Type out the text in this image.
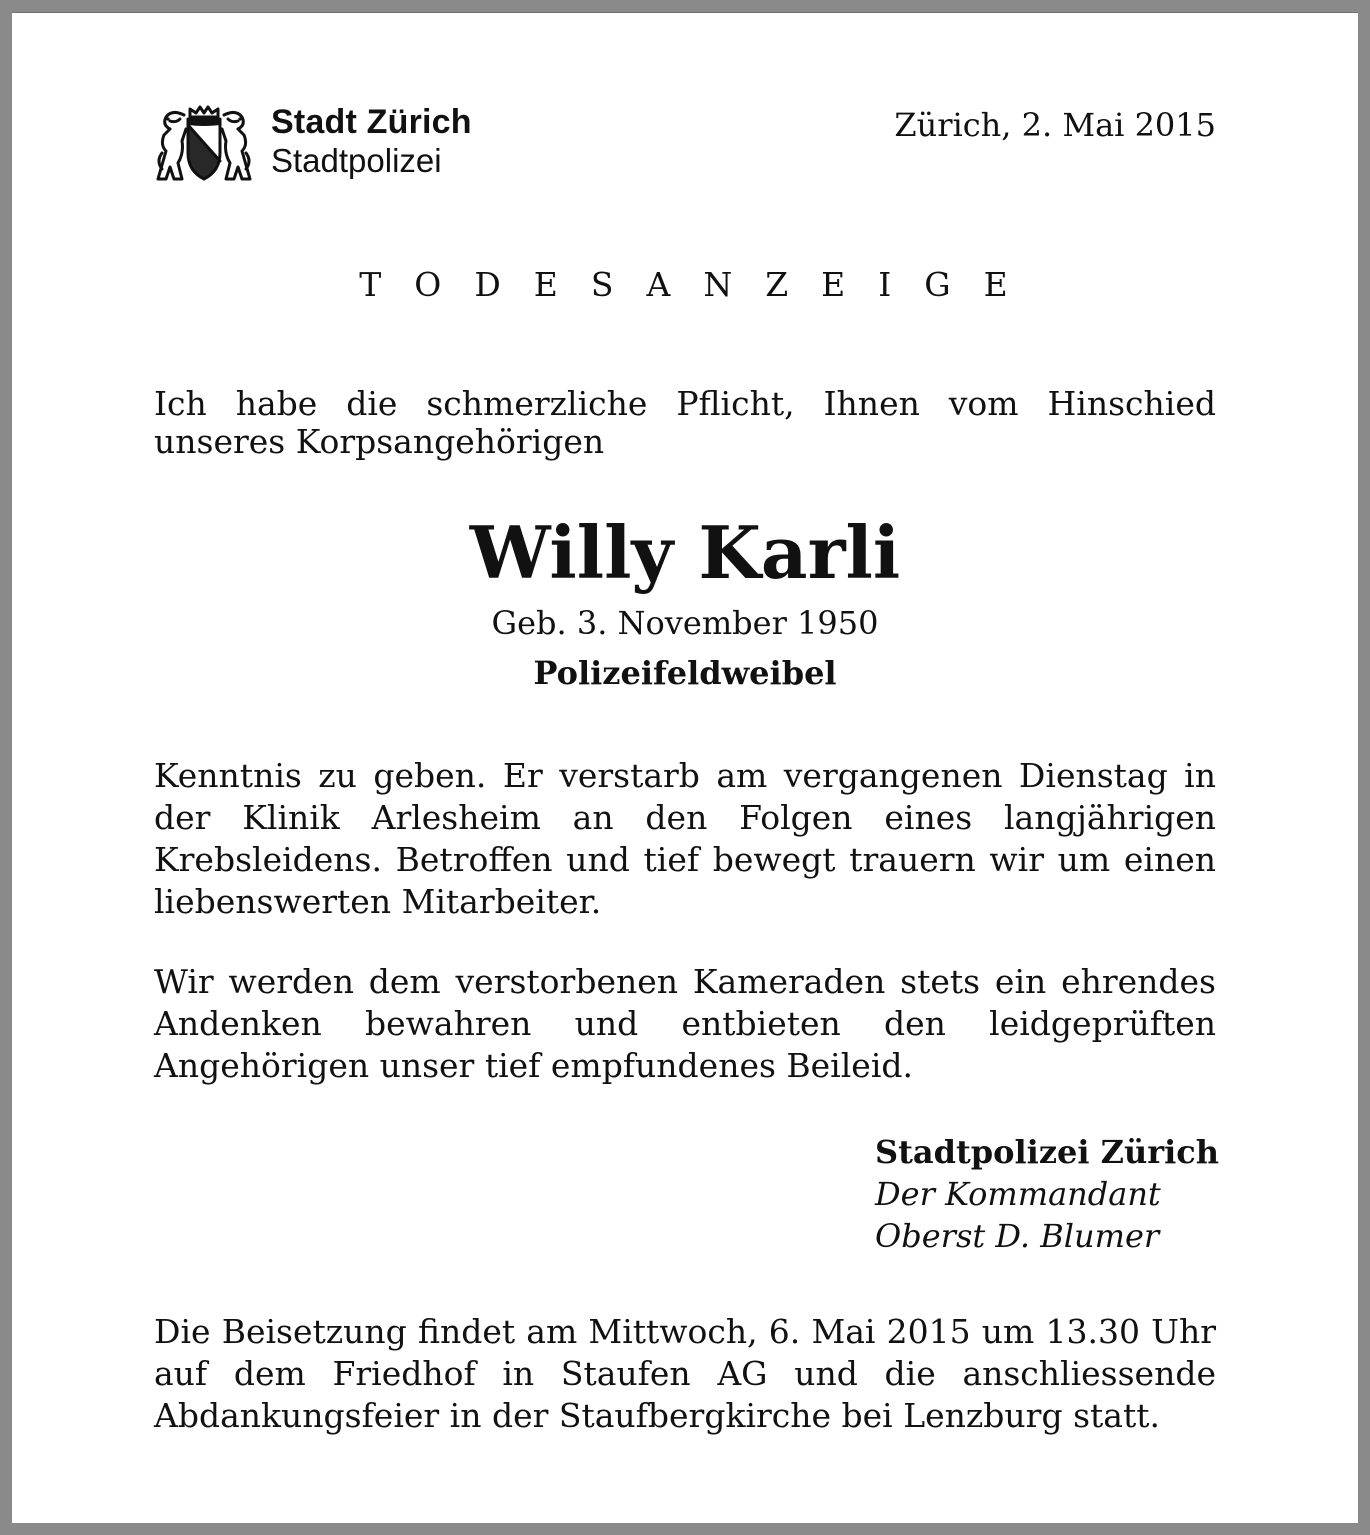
Stadt Zürich
Stadtpolizei
Zürich, 2. Mai 2015
TODESANZEIGE
Ich habe die schmerzliche Pflicht, Ihnen vom Hinschied unseres Korpsangehörigen
Willy Karli
Geb. 3. November 1950
Polizeifeldweibel
Kenntnis zu geben. Er verstarb am vergangenen Dienstag in der Klinik Arlesheim an den Folgen eines langjährigen Krebsleidens. Betroffen und tief bewegt trauern wir um einen liebenswerten Mitarbeiter.
Wir werden dem verstorbenen Kameraden stets ein ehrendes Andenken bewahren und entbieten den leidgeprüften Angehörigen unser tief empfundenes Beileid.
Stadtpolizei Zürich
Der Kommandant
Oberst D. Blumer
Die Beisetzung findet am Mittwoch, 6. Mai 2015 um 13.30 Uhr auf dem Friedhof in Staufen AG und die anschliessende Abdankungsfeier in der Staufbergkirche bei Lenzburg statt.
